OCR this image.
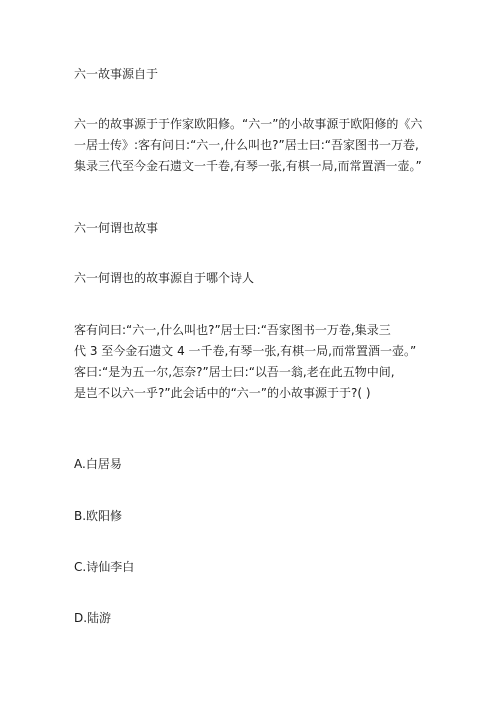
六一故事源自于

六一的故事源于于作家欧阳修。“六一”的小故事源于欧阳修的《六
一居士传》:客有问日:“六一,什么叫也?”居士曰:“吾家图书一万卷,
集录三代至今金石遗文一千卷,有琴一张,有棋一局,而常置酒一壶。”

六一何谓也故事

六一何谓也的故事源自于哪个诗人

客有问曰:“六一,什么叫也?”居士曰:“吾家图书一万卷,集录三
代 3 至今金石遗文 4 一千卷,有琴一张,有棋一局,而常置酒一壶。”
客曰:“是为五一尔,怎奈?”居士曰:“以吾一翁,老在此五物中间,
是岂不以六一乎?”此会话中的“六一”的小故事源于于?( )

A.白居易

B.欧阳修

C.诗仙李白

D.陆游
